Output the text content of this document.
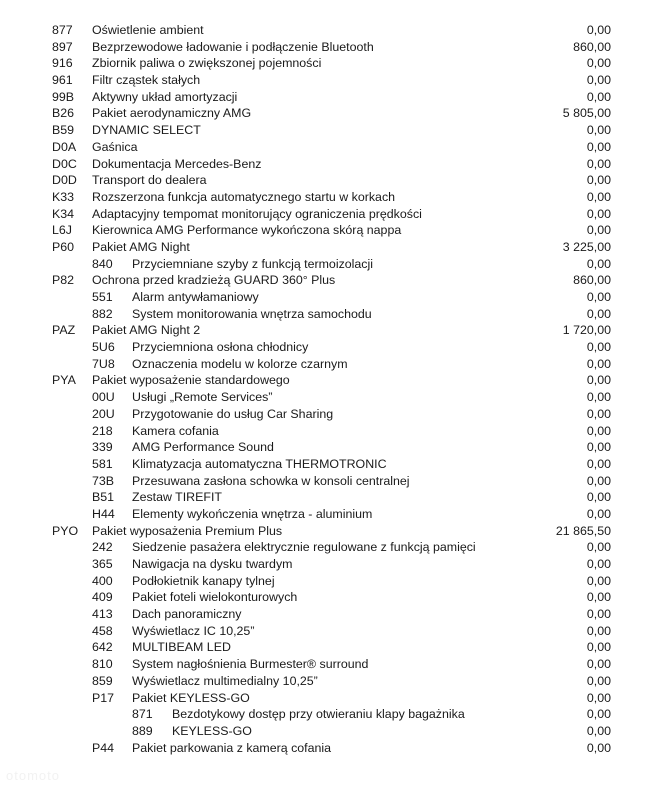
877 Oświetlenie ambient	0,00
897 Bezprzewodowe ładowanie i podłączenie Bluetooth	860,00
916 Zbiornik paliwa o zwiększonej pojemności	0,00
961 Filtr cząstek stałych	0,00
99B Aktywny układ amortyzacji	0,00
B26 Pakiet aerodynamiczny AMG	5 805,00
B59 DYNAMIC SELECT	0,00
D0A Gaśnica	0,00
D0C Dokumentacja Mercedes-Benz	0,00
D0D Transport do dealera	0,00
K33 Rozszerzona funkcja automatycznego startu w korkach	0,00
K34 Adaptacyjny tempomat monitorujący ograniczenia prędkości	0,00
L6J Kierownica AMG Performance wykończona skórą nappa	0,00
P60 Pakiet AMG Night	3 225,00
840 Przyciemniane szyby z funkcją termoizolacji	0,00
P82 Ochrona przed kradzieżą GUARD 360° Plus	860,00
551 Alarm antywłamaniowy	0,00
882 System monitorowania wnętrza samochodu	0,00
PAZ Pakiet AMG Night 2	1 720,00
5U6 Przyciemniona osłona chłodnicy	0,00
7U8 Oznaczenia modelu w kolorze czarnym	0,00
PYA Pakiet wyposażenie standardowego	0,00
00U Usługi „Remote Services”	0,00
20U Przygotowanie do usług Car Sharing	0,00
218 Kamera cofania	0,00
339 AMG Performance Sound	0,00
581 Klimatyzacja automatyczna THERMOTRONIC	0,00
73B Przesuwana zasłona schowka w konsoli centralnej	0,00
B51 Zestaw TIREFIT	0,00
H44 Elementy wykończenia wnętrza - aluminium	0,00
PYO Pakiet wyposażenia Premium Plus	21 865,50
242 Siedzenie pasażera elektrycznie regulowane z funkcją pamięci	0,00
365 Nawigacja na dysku twardym	0,00
400 Podłokietnik kanapy tylnej	0,00
409 Pakiet foteli wielokonturowych	0,00
413 Dach panoramiczny	0,00
458 Wyświetlacz IC 10,25”	0,00
642 MULTIBEAM LED	0,00
810 System nagłośnienia Burmester® surround	0,00
859 Wyświetlacz multimedialny 10,25”	0,00
P17 Pakiet KEYLESS-GO	0,00
871 Bezdotykowy dostęp przy otwieraniu klapy bagażnika	0,00
889 KEYLESS-GO	0,00
P44 Pakiet parkowania z kamerą cofania	0,00
otomoto
